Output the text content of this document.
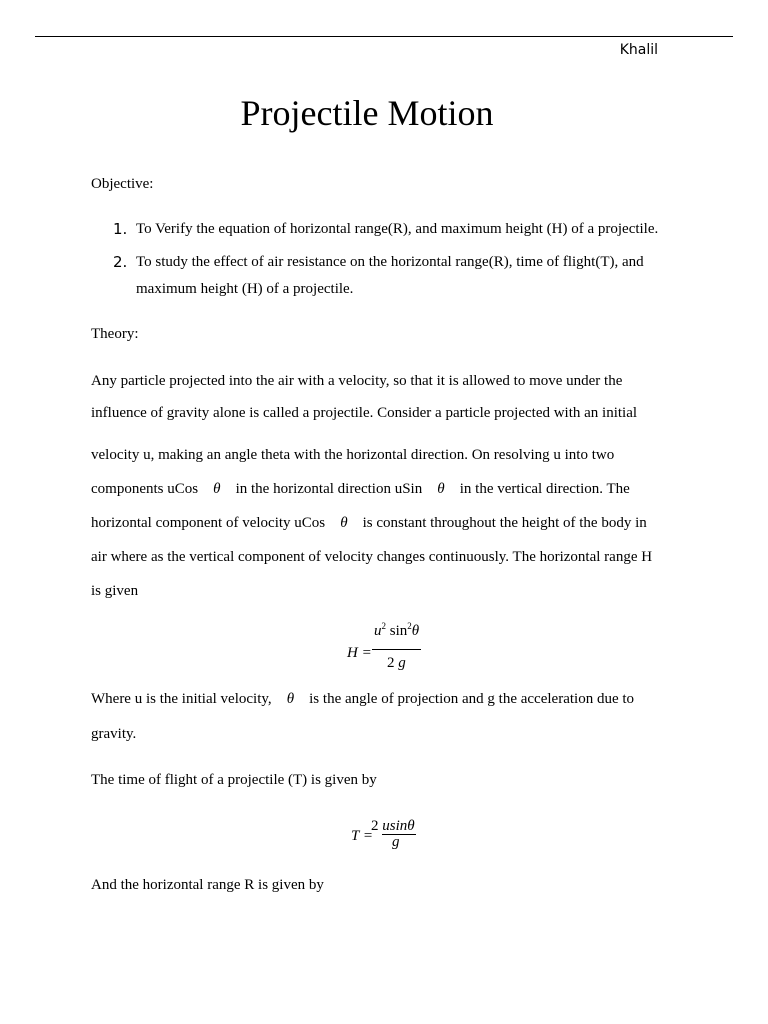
Khalil
Projectile Motion
Objective:
1. To Verify the equation of horizontal range(R), and maximum height (H) of a projectile.
2. To study the effect of air resistance on the horizontal range(R), time of flight(T), and
maximum height (H) of a projectile.
Theory:
Any particle projected into the air with a velocity, so that it is allowed to move under the
influence of gravity alone is called a projectile. Consider a particle projected with an initial
velocity u, making an angle theta with the horizontal direction. On resolving u into two
components uCos θ in the horizontal direction uSin θ in the vertical direction. The
horizontal component of velocity uCos θ is constant throughout the height of the body in
air where as the vertical component of velocity changes continuously. The horizontal range H
is given
H =
$u^2$ $\sin^2\theta$
2 g
Where u is the initial velocity, θ is the angle of projection and g the acceleration due to
gravity.
The time of flight of a projectile (T) is given by
T =
2 usinθ
g
And the horizontal range R is given by
